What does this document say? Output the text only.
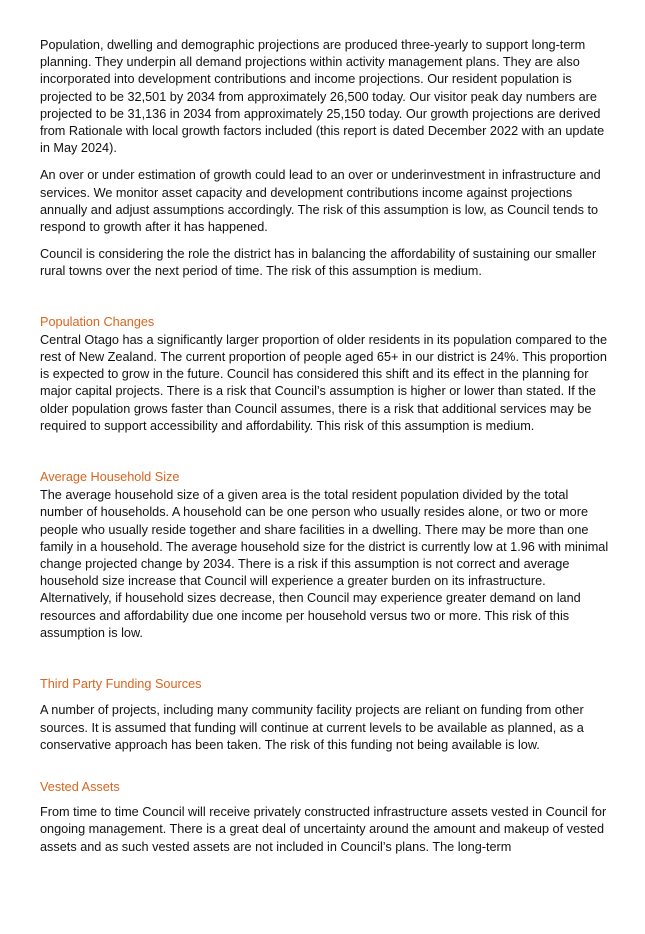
Population, dwelling and demographic projections are produced three-yearly to support long-term planning. They underpin all demand projections within activity management plans. They are also incorporated into development contributions and income projections. Our resident population is projected to be 32,501 by 2034 from approximately 26,500 today. Our visitor peak day numbers are projected to be 31,136 in 2034 from approximately 25,150 today. Our growth projections are derived from Rationale with local growth factors included (this report is dated December 2022 with an update in May 2024).

An over or under estimation of growth could lead to an over or underinvestment in infrastructure and services. We monitor asset capacity and development contributions income against projections annually and adjust assumptions accordingly. The risk of this assumption is low, as Council tends to respond to growth after it has happened.

Council is considering the role the district has in balancing the affordability of sustaining our smaller rural towns over the next period of time. The risk of this assumption is medium.

Population Changes

Central Otago has a significantly larger proportion of older residents in its population compared to the rest of New Zealand. The current proportion of people aged 65+ in our district is 24%. This proportion is expected to grow in the future. Council has considered this shift and its effect in the planning for major capital projects. There is a risk that Council’s assumption is higher or lower than stated. If the older population grows faster than Council assumes, there is a risk that additional services may be required to support accessibility and affordability. This risk of this assumption is medium.

Average Household Size

The average household size of a given area is the total resident population divided by the total number of households. A household can be one person who usually resides alone, or two or more people who usually reside together and share facilities in a dwelling. There may be more than one family in a household. The average household size for the district is currently low at 1.96 with minimal change projected change by 2034. There is a risk if this assumption is not correct and average household size increase that Council will experience a greater burden on its infrastructure. Alternatively, if household sizes decrease, then Council may experience greater demand on land resources and affordability due one income per household versus two or more. This risk of this assumption is low.

Third Party Funding Sources

A number of projects, including many community facility projects are reliant on funding from other sources. It is assumed that funding will continue at current levels to be available as planned, as a conservative approach has been taken. The risk of this funding not being available is low.

Vested Assets

From time to time Council will receive privately constructed infrastructure assets vested in Council for ongoing management. There is a great deal of uncertainty around the amount and makeup of vested assets and as such vested assets are not included in Council’s plans. The long-term
